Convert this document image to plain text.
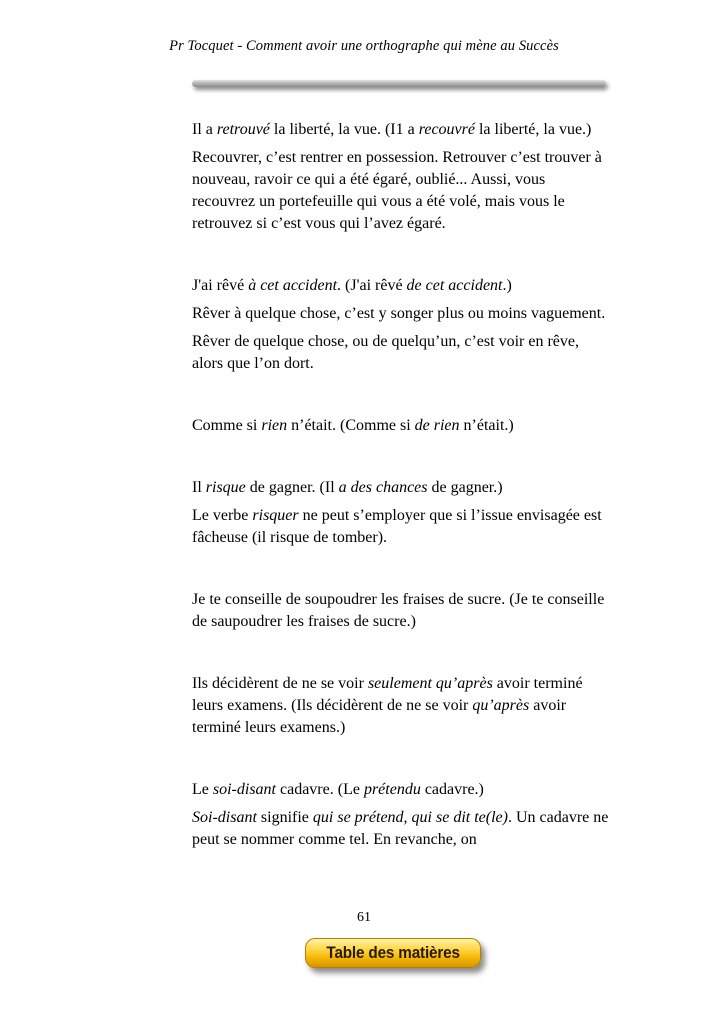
Pr Tocquet - Comment avoir une orthographe qui mène au Succès

Il a retrouvé la liberté, la vue. (I1 a recouvré la liberté, la vue.)

Recouvrer, c’est rentrer en possession. Retrouver c’est trouver à nouveau, ravoir ce qui a été égaré, oublié... Aussi, vous recouvrez un portefeuille qui vous a été volé, mais vous le retrouvez si c’est vous qui l’avez égaré.

J'ai rêvé à cet accident. (J'ai rêvé de cet accident.)

Rêver à quelque chose, c’est y songer plus ou moins vaguement.

Rêver de quelque chose, ou de quelqu’un, c’est voir en rêve, alors que l’on dort.

Comme si rien n’était. (Comme si de rien n’était.)

Il risque de gagner. (Il a des chances de gagner.)

Le verbe risquer ne peut s’employer que si l’issue envisagée est fâcheuse (il risque de tomber).

Je te conseille de soupoudrer les fraises de sucre. (Je te conseille de saupoudrer les fraises de sucre.)

Ils décidèrent de ne se voir seulement qu’après avoir terminé leurs examens. (Ils décidèrent de ne se voir qu’après avoir terminé leurs examens.)

Le soi-disant cadavre. (Le prétendu cadavre.)

Soi-disant signifie qui se prétend, qui se dit te(le). Un cadavre ne peut se nommer comme tel. En revanche, on

61
Table des matières
